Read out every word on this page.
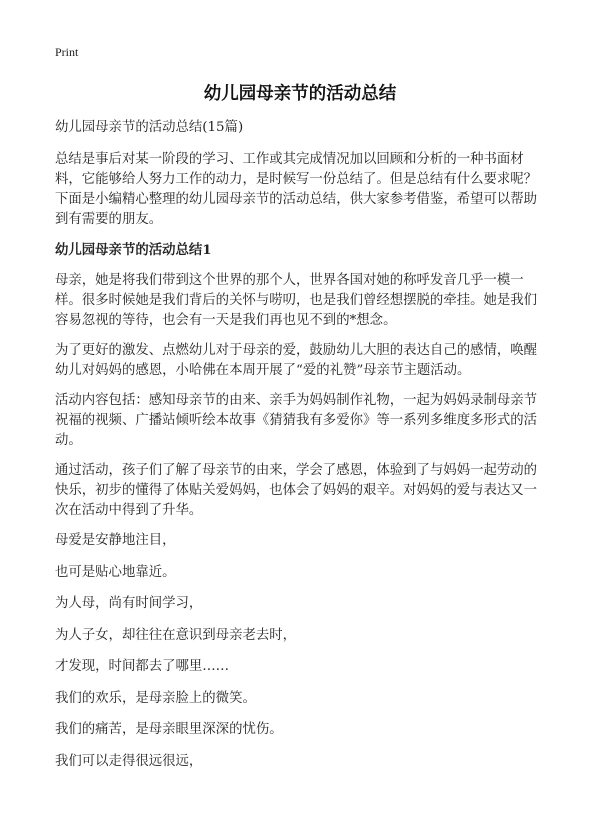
Print
幼儿园母亲节的活动总结

幼儿园母亲节的活动总结(15篇)

总结是事后对某一阶段的学习、工作或其完成情况加以回顾和分析的一种书面材料，它能够给人努力工作的动力，是时候写一份总结了。但是总结有什么要求呢？下面是小编精心整理的幼儿园母亲节的活动总结，供大家参考借鉴，希望可以帮助到有需要的朋友。

幼儿园母亲节的活动总结1

母亲，她是将我们带到这个世界的那个人，世界各国对她的称呼发音几乎一模一样。很多时候她是我们背后的关怀与唠叨，也是我们曾经想摆脱的牵挂。她是我们容易忽视的等待，也会有一天是我们再也见不到的*想念。

为了更好的激发、点燃幼儿对于母亲的爱，鼓励幼儿大胆的表达自己的感情，唤醒幼儿对妈妈的感恩，小哈佛在本周开展了“爱的礼赞”母亲节主题活动。

活动内容包括：感知母亲节的由来、亲手为妈妈制作礼物，一起为妈妈录制母亲节祝福的视频、广播站倾听绘本故事《猜猜我有多爱你》等一系列多维度多形式的活动。

通过活动，孩子们了解了母亲节的由来，学会了感恩，体验到了与妈妈一起劳动的快乐，初步的懂得了体贴关爱妈妈，也体会了妈妈的艰辛。对妈妈的爱与表达又一次在活动中得到了升华。

母爱是安静地注目，

也可是贴心地靠近。

为人母，尚有时间学习，

为人子女，却往往在意识到母亲老去时，

才发现，时间都去了哪里……

我们的欢乐，是母亲脸上的微笑。

我们的痛苦，是母亲眼里深深的忧伤。

我们可以走得很远很远，
